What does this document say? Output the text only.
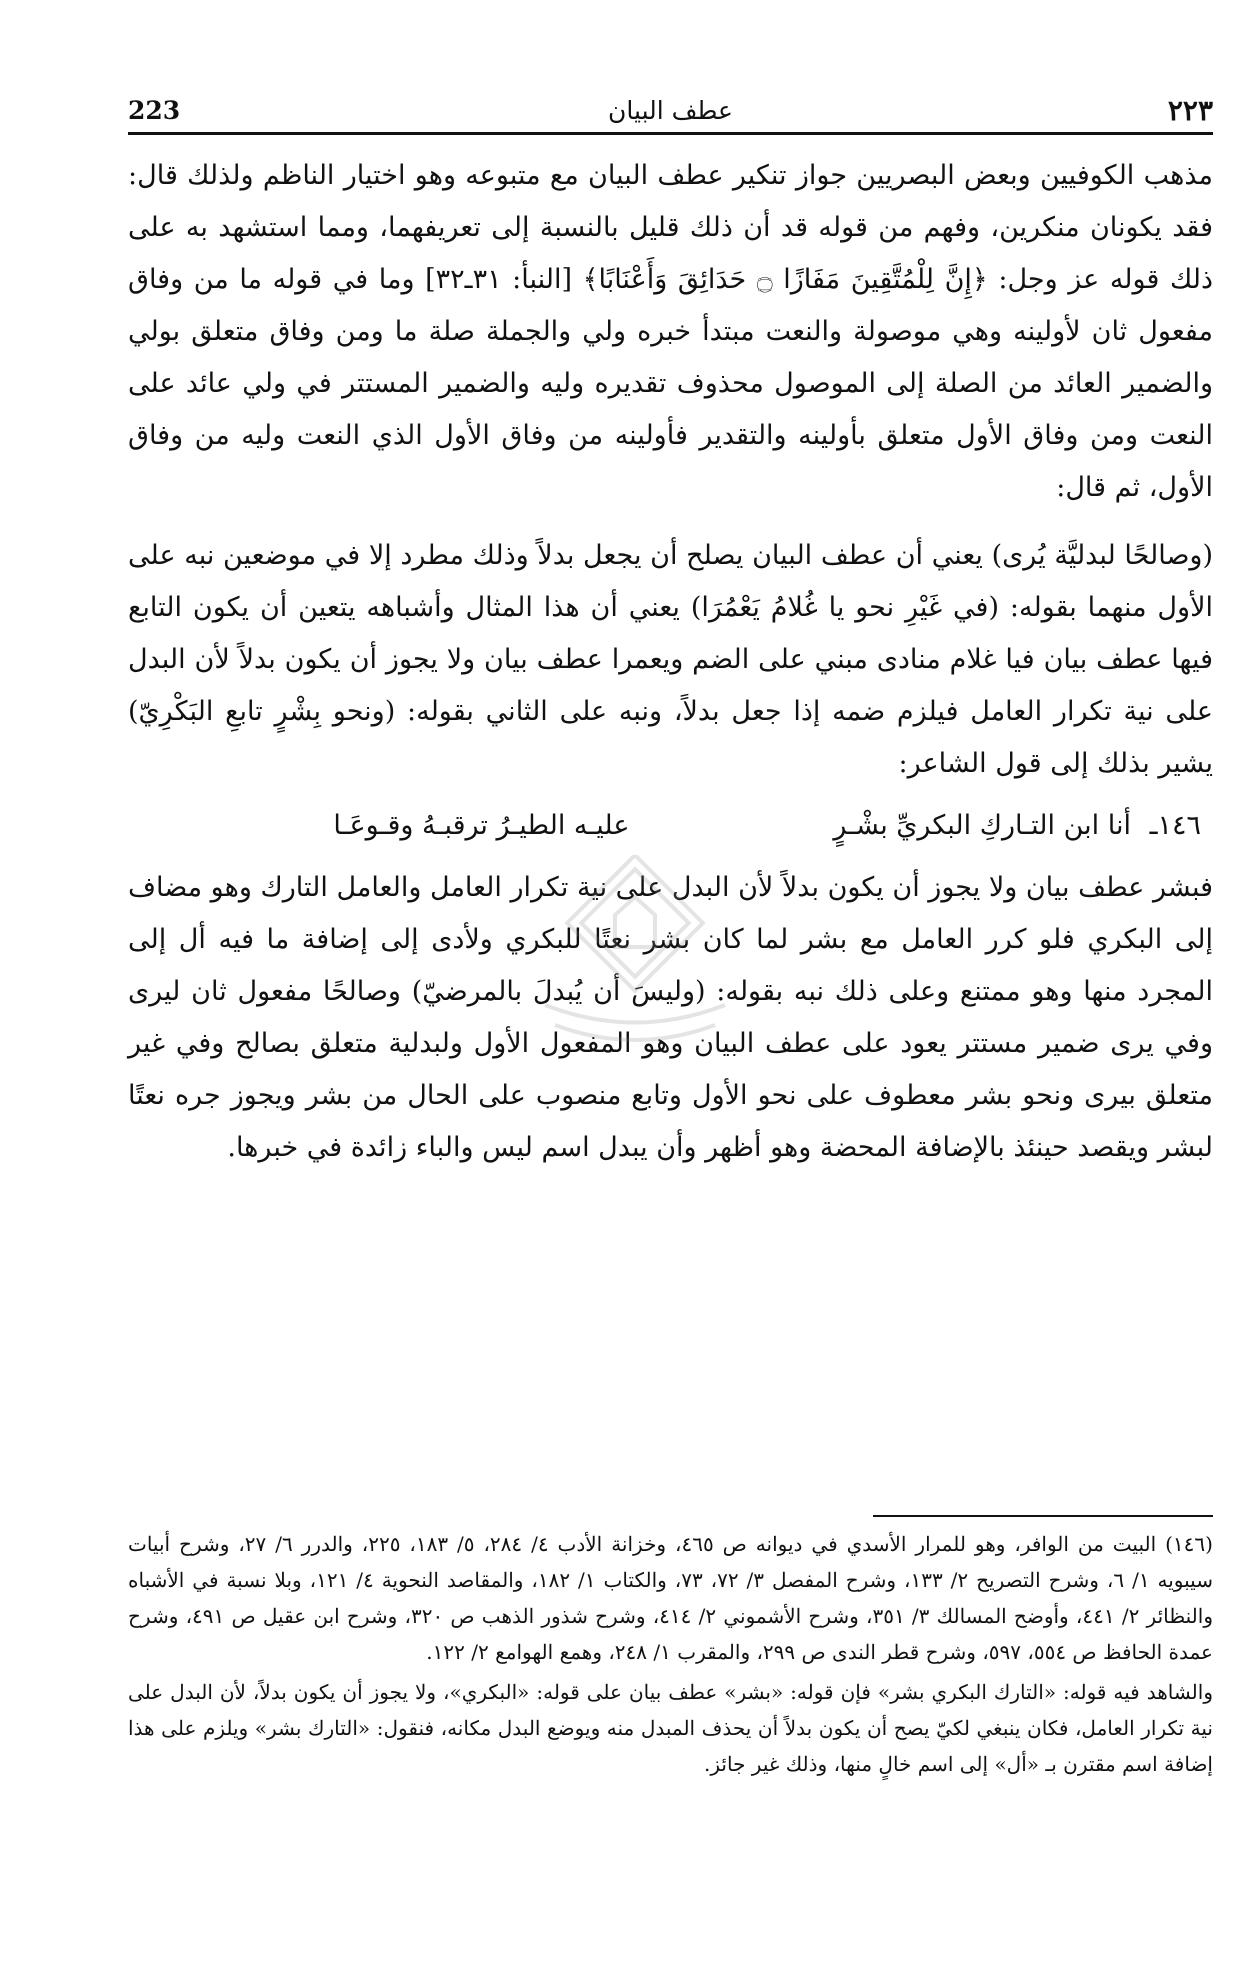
٢٢٣
عطف البيان
223

مذهب الكوفيين وبعض البصريين جواز تنكير عطف البيان مع متبوعه وهو اختيار الناظم ولذلك قال: فقد يكونان منكرين، وفهم من قوله قد أن ذلك قليل بالنسبة إلى تعريفهما، ومما استشهد به على ذلك قوله عز وجل: ﴿إِنَّ لِلْمُتَّقِينَ مَفَازًا ۝ حَدَائِقَ وَأَعْنَابًا﴾ [النبأ: ٣١ـ٣٢] وما في قوله ما من وفاق مفعول ثان لأولينه وهي موصولة والنعت مبتدأ خبره ولي والجملة صلة ما ومن وفاق متعلق بولي والضمير العائد من الصلة إلى الموصول محذوف تقديره وليه والضمير المستتر في ولي عائد على النعت ومن وفاق الأول متعلق بأولينه والتقدير فأولينه من وفاق الأول الذي النعت وليه من وفاق الأول، ثم قال:

(وصالحًا لبدليَّة يُرى) يعني أن عطف البيان يصلح أن يجعل بدلاً وذلك مطرد إلا في موضعين نبه على الأول منهما بقوله: (في غَيْرِ نحو يا غُلامُ يَعْمُرَا) يعني أن هذا المثال وأشباهه يتعين أن يكون التابع فيها عطف بيان فيا غلام منادى مبني على الضم ويعمرا عطف بيان ولا يجوز أن يكون بدلاً لأن البدل على نية تكرار العامل فيلزم ضمه إذا جعل بدلاً، ونبه على الثاني بقوله: (ونحو بِشْرٍ تابعِ البَكْرِيّ) يشير بذلك إلى قول الشاعر:

١٤٦ـ
أنا ابن التـاركِ البكريِّ بشْـرٍ
عليـه الطيـرُ ترقبـهُ وقـوعَـا

فبشر عطف بيان ولا يجوز أن يكون بدلاً لأن البدل على نية تكرار العامل والعامل التارك وهو مضاف إلى البكري فلو كرر العامل مع بشر لما كان بشر نعتًا للبكري ولأدى إلى إضافة ما فيه أل إلى المجرد منها وهو ممتنع وعلى ذلك نبه بقوله: (وليسَ أن يُبدلَ بالمرضيّ) وصالحًا مفعول ثان ليرى وفي يرى ضمير مستتر يعود على عطف البيان وهو المفعول الأول ولبدلية متعلق بصالح وفي غير متعلق بيرى ونحو بشر معطوف على نحو الأول وتابع منصوب على الحال من بشر ويجوز جره نعتًا لبشر ويقصد حينئذ بالإضافة المحضة وهو أظهر وأن يبدل اسم ليس والباء زائدة في خبرها.

(١٤٦) البيت من الوافر، وهو للمرار الأسدي في ديوانه ص ٤٦٥، وخزانة الأدب ٤/ ٢٨٤، ٥/ ١٨٣، ٢٢٥، والدرر ٦/ ٢٧، وشرح أبيات سيبويه ١/ ٦، وشرح التصريح ٢/ ١٣٣، وشرح المفصل ٣/ ٧٢، ٧٣، والكتاب ١/ ١٨٢، والمقاصد النحوية ٤/ ١٢١، وبلا نسبة في الأشباه والنظائر ٢/ ٤٤١، وأوضح المسالك ٣/ ٣٥١، وشرح الأشموني ٢/ ٤١٤، وشرح شذور الذهب ص ٣٢٠، وشرح ابن عقيل ص ٤٩١، وشرح عمدة الحافظ ص ٥٥٤، ٥٩٧، وشرح قطر الندى ص ٢٩٩، والمقرب ١/ ٢٤٨، وهمع الهوامع ٢/ ١٢٢.

والشاهد فيه قوله: «التارك البكري بشر» فإن قوله: «بشر» عطف بيان على قوله: «البكري»، ولا يجوز أن يكون بدلاً، لأن البدل على نية تكرار العامل، فكان ينبغي لكيّ يصح أن يكون بدلاً أن يحذف المبدل منه ويوضع البدل مكانه، فنقول: «التارك بشر» ويلزم على هذا إضافة اسم مقترن بـ «أل» إلى اسم خالٍ منها، وذلك غير جائز.
